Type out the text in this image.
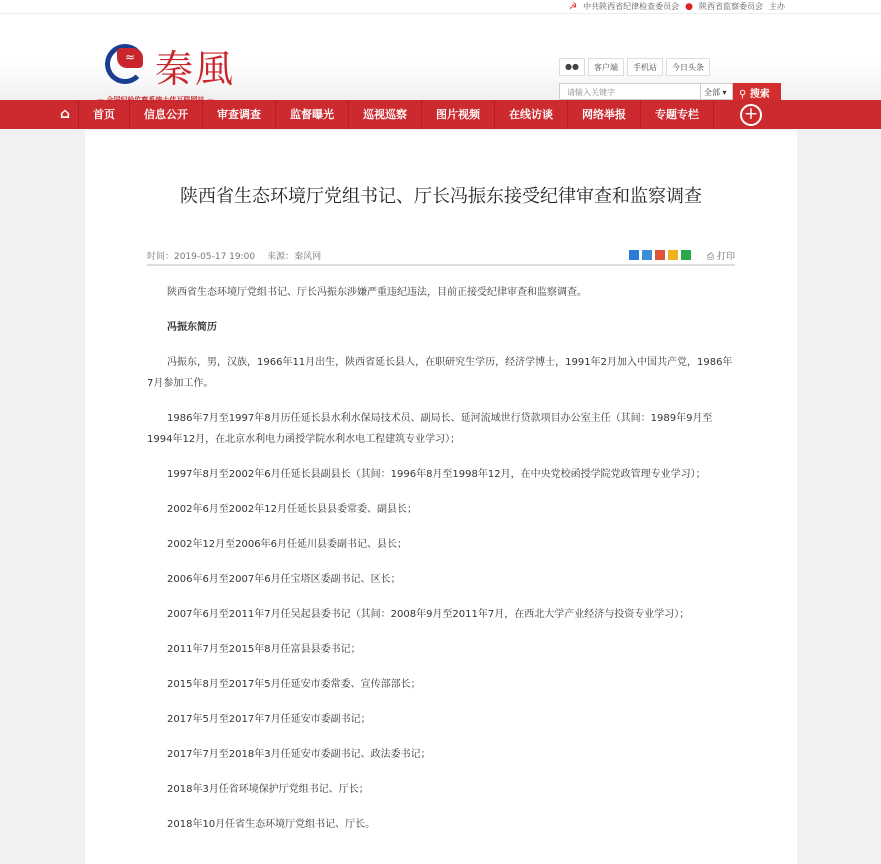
☭ 中共陕西省纪律检查委员会 ● 陕西省监察委员会 主办
≈ 秦風
— 全国纪检监察系统十佳互联网站 —
●●	客户端	手机站	今日头条
请输入关键字	全部 ▾	⚲ 搜索
⌂	首页	信息公开	审查调查	监督曝光	巡视巡察	图片视频	在线访谈	网络举报	专题专栏	+
陕西省生态环境厅党组书记、厅长冯振东接受纪律审查和监察调查
时间：2019-05-17 19:00 来源：秦风网	⎙ 打印

陕西省生态环境厅党组书记、厅长冯振东涉嫌严重违纪违法，目前正接受纪律审查和监察调查。

冯振东简历

冯振东，男，汉族，1966年11月出生，陕西省延长县人，在职研究生学历，经济学博士，1991年2月加入中国共产党，1986年7月参加工作。

1986年7月至1997年8月历任延长县水利水保局技术员、副局长、延河流域世行贷款项目办公室主任（其间：1989年9月至1994年12月，在北京水利电力函授学院水利水电工程建筑专业学习）；

1997年8月至2002年6月任延长县副县长（其间：1996年8月至1998年12月，在中央党校函授学院党政管理专业学习）；

2002年6月至2002年12月任延长县县委常委、副县长；

2002年12月至2006年6月任延川县委副书记、县长；

2006年6月至2007年6月任宝塔区委副书记、区长；

2007年6月至2011年7月任吴起县委书记（其间：2008年9月至2011年7月，在西北大学产业经济与投资专业学习）；

2011年7月至2015年8月任富县县委书记；

2015年8月至2017年5月任延安市委常委、宣传部部长；

2017年5月至2017年7月任延安市委副书记；

2017年7月至2018年3月任延安市委副书记、政法委书记；

2018年3月任省环境保护厅党组书记、厅长；

2018年10月任省生态环境厅党组书记、厅长。
